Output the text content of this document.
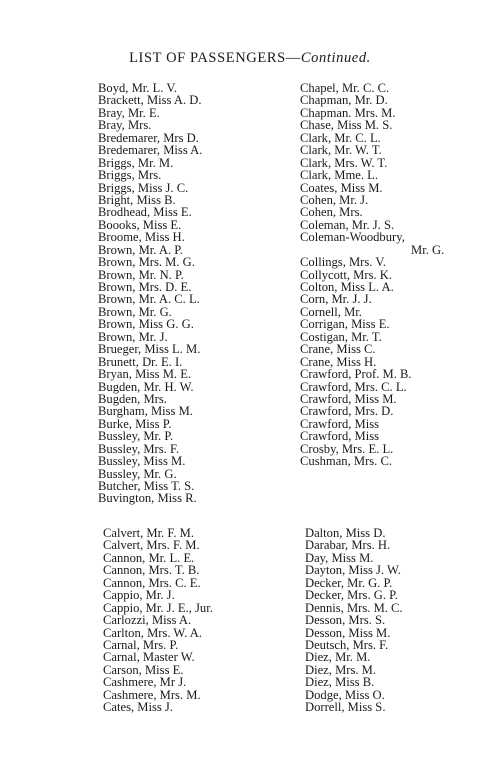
LIST OF PASSENGERS—Continued.
Boyd, Mr. L. V.
Brackett, Miss A. D.
Bray, Mr. E.
Bray, Mrs.
Bredemarer, Mrs D.
Bredemarer, Miss A.
Briggs, Mr. M.
Briggs, Mrs.
Briggs, Miss J. C.
Bright, Miss B.
Brodhead, Miss E.
Boooks, Miss E.
Broome, Miss H.
Brown, Mr. A. P.
Brown, Mrs. M. G.
Brown, Mr. N. P.
Brown, Mrs. D. E.
Brown, Mr. A. C. L.
Brown, Mr. G.
Brown, Miss G. G.
Brown, Mr. J.
Brueger, Miss L. M.
Brunett, Dr. E. I.
Bryan, Miss M. E.
Bugden, Mr. H. W.
Bugden, Mrs.
Burgham, Miss M.
Burke, Miss P.
Bussley, Mr. P.
Bussley, Mrs. F.
Bussley, Miss M.
Bussley, Mr. G.
Butcher, Miss T. S.
Buvington, Miss R.
Chapel, Mr. C. C.
Chapman, Mr. D.
Chapman. Mrs. M.
Chase, Miss M. S.
Clark, Mr. C. L.
Clark, Mr. W. T.
Clark, Mrs. W. T.
Clark, Mme. L.
Coates, Miss M.
Cohen, Mr. J.
Cohen, Mrs.
Coleman, Mr. J. S.
Coleman-Woodbury,
Mr. G.
Collings, Mrs. V.
Collycott, Mrs. K.
Colton, Miss L. A.
Corn, Mr. J. J.
Cornell, Mr.
Corrigan, Miss E.
Costigan, Mr. T.
Crane, Miss C.
Crane, Miss H.
Crawford, Prof. M. B.
Crawford, Mrs. C. L.
Crawford, Miss M.
Crawford, Mrs. D.
Crawford, Miss
Crawford, Miss
Crosby, Mrs. E. L.
Cushman, Mrs. C.
Calvert, Mr. F. M.
Calvert, Mrs. F. M.
Cannon, Mr. L. E.
Cannon, Mrs. T. B.
Cannon, Mrs. C. E.
Cappio, Mr. J.
Cappio, Mr. J. E., Jur.
Carlozzi, Miss A.
Carlton, Mrs. W. A.
Carnal, Mrs. P.
Carnal, Master W.
Carson, Miss E.
Cashmere, Mr J.
Cashmere, Mrs. M.
Cates, Miss J.
Dalton, Miss D.
Darabar, Mrs. H.
Day, Miss M.
Dayton, Miss J. W.
Decker, Mr. G. P.
Decker, Mrs. G. P.
Dennis, Mrs. M. C.
Desson, Mrs. S.
Desson, Miss M.
Deutsch, Mrs. F.
Diez, Mr. M.
Diez, Mrs. M.
Diez, Miss B.
Dodge, Miss O.
Dorrell, Miss S.
